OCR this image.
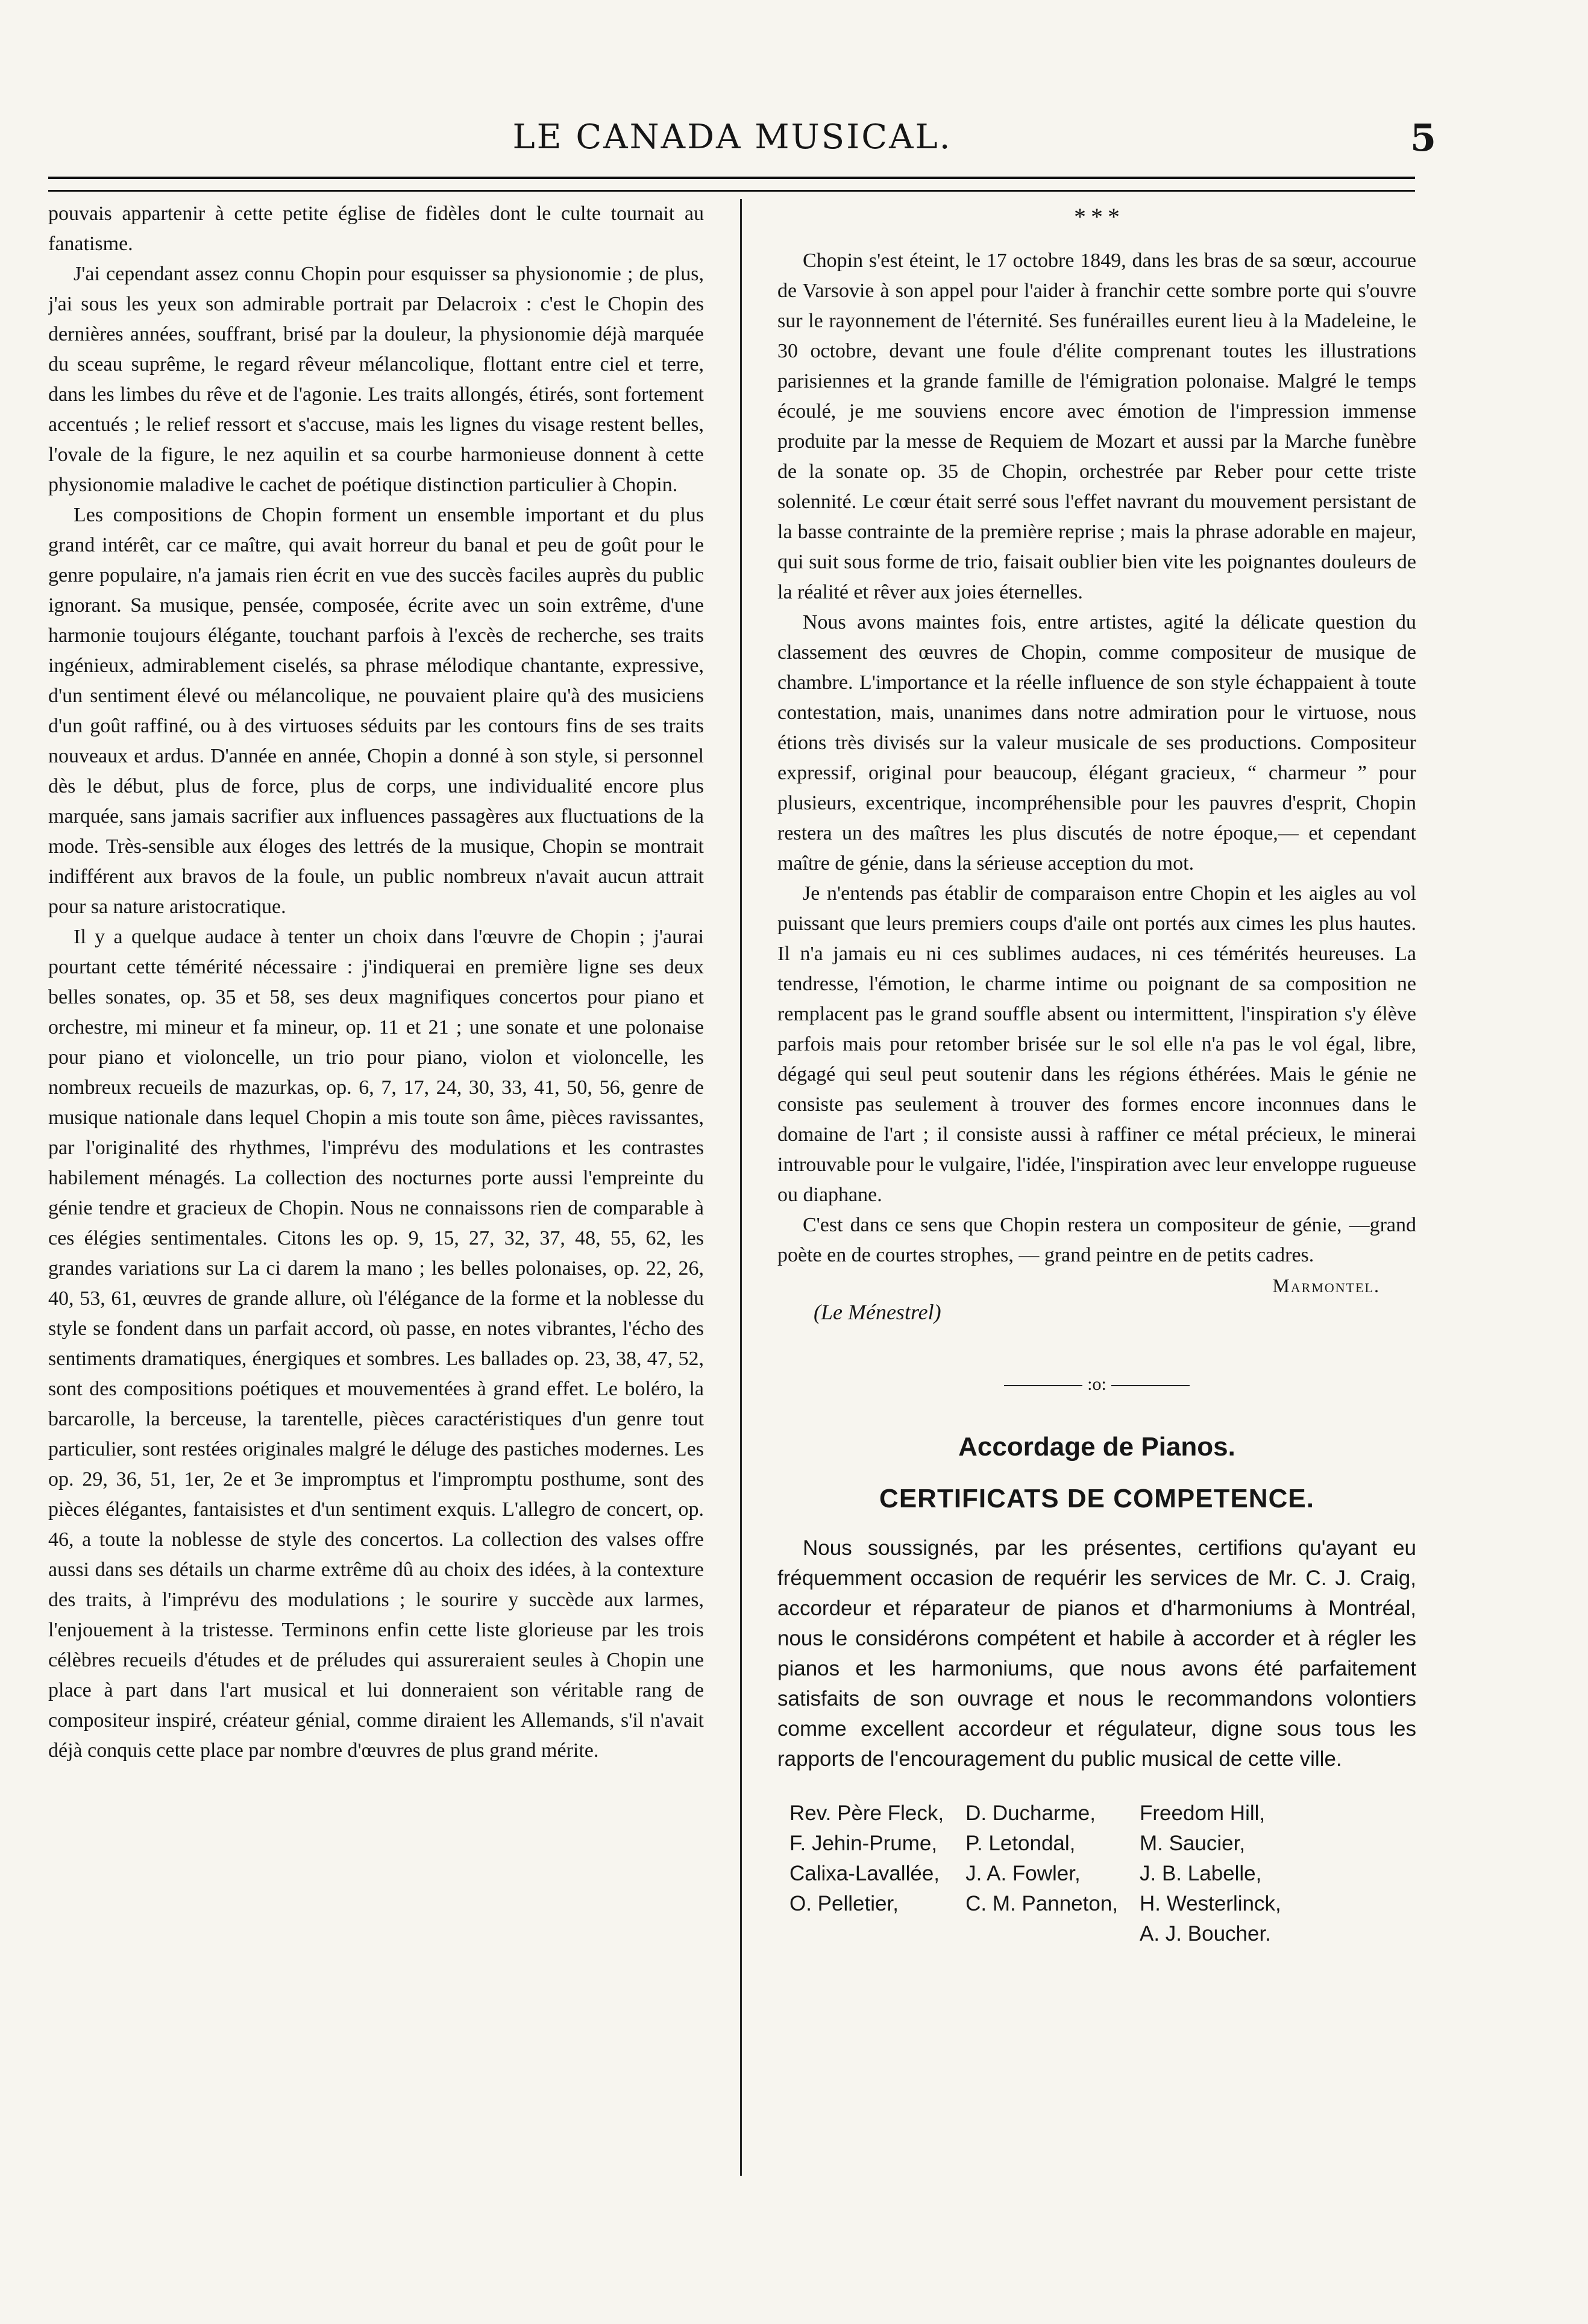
LE CANADA MUSICAL.	5

pouvais appartenir à cette petite église de fidèles dont le culte tournait au fanatisme.

J'ai cependant assez connu Chopin pour esquisser sa physionomie ; de plus, j'ai sous les yeux son admirable portrait par Delacroix : c'est le Chopin des dernières années, souffrant, brisé par la douleur, la physionomie déjà marquée du sceau suprême, le regard rêveur mélancolique, flottant entre ciel et terre, dans les limbes du rêve et de l'agonie. Les traits allongés, étirés, sont fortement accentués ; le relief ressort et s'accuse, mais les lignes du visage restent belles, l'ovale de la figure, le nez aquilin et sa courbe harmonieuse donnent à cette physionomie maladive le cachet de poétique distinction particulier à Chopin.

Les compositions de Chopin forment un ensemble important et du plus grand intérêt, car ce maître, qui avait horreur du banal et peu de goût pour le genre populaire, n'a jamais rien écrit en vue des succès faciles auprès du public ignorant. Sa musique, pensée, composée, écrite avec un soin extrême, d'une harmonie toujours élégante, touchant parfois à l'excès de recherche, ses traits ingénieux, admirablement ciselés, sa phrase mélodique chantante, expressive, d'un sentiment élevé ou mélancolique, ne pouvaient plaire qu'à des musiciens d'un goût raffiné, ou à des virtuoses séduits par les contours fins de ses traits nouveaux et ardus. D'année en année, Chopin a donné à son style, si personnel dès le début, plus de force, plus de corps, une individualité encore plus marquée, sans jamais sacrifier aux influences passagères aux fluctuations de la mode. Très-sensible aux éloges des lettrés de la musique, Chopin se montrait indifférent aux bravos de la foule, un public nombreux n'avait aucun attrait pour sa nature aristocratique.

Il y a quelque audace à tenter un choix dans l'œuvre de Chopin ; j'aurai pourtant cette témérité nécessaire : j'indiquerai en première ligne ses deux belles sonates, op. 35 et 58, ses deux magnifiques concertos pour piano et orchestre, mi mineur et fa mineur, op. 11 et 21 ; une sonate et une polonaise pour piano et violoncelle, un trio pour piano, violon et violoncelle, les nombreux recueils de mazurkas, op. 6, 7, 17, 24, 30, 33, 41, 50, 56, genre de musique nationale dans lequel Chopin a mis toute son âme, pièces ravissantes, par l'originalité des rhythmes, l'imprévu des modulations et les contrastes habilement ménagés. La collection des nocturnes porte aussi l'empreinte du génie tendre et gracieux de Chopin. Nous ne connaissons rien de comparable à ces élégies sentimentales. Citons les op. 9, 15, 27, 32, 37, 48, 55, 62, les grandes variations sur La ci darem la mano ; les belles polonaises, op. 22, 26, 40, 53, 61, œuvres de grande allure, où l'élégance de la forme et la noblesse du style se fondent dans un parfait accord, où passe, en notes vibrantes, l'écho des sentiments dramatiques, énergiques et sombres. Les ballades op. 23, 38, 47, 52, sont des compositions poétiques et mouvementées à grand effet. Le boléro, la barcarolle, la berceuse, la tarentelle, pièces caractéristiques d'un genre tout particulier, sont restées originales malgré le déluge des pastiches modernes. Les op. 29, 36, 51, 1er, 2e et 3e impromptus et l'impromptu posthume, sont des pièces élégantes, fantaisistes et d'un sentiment exquis. L'allegro de concert, op. 46, a toute la noblesse de style des concertos. La collection des valses offre aussi dans ses détails un charme extrême dû au choix des idées, à la contexture des traits, à l'imprévu des modulations ; le sourire y succède aux larmes, l'enjouement à la tristesse. Terminons enfin cette liste glorieuse par les trois célèbres recueils d'études et de préludes qui assureraient seules à Chopin une place à part dans l'art musical et lui donneraient son véritable rang de compositeur inspiré, créateur génial, comme diraient les Allemands, s'il n'avait déjà conquis cette place par nombre d'œuvres de plus grand mérite.

* * *

Chopin s'est éteint, le 17 octobre 1849, dans les bras de sa sœur, accourue de Varsovie à son appel pour l'aider à franchir cette sombre porte qui s'ouvre sur le rayonnement de l'éternité. Ses funérailles eurent lieu à la Madeleine, le 30 octobre, devant une foule d'élite comprenant toutes les illustrations parisiennes et la grande famille de l'émigration polonaise. Malgré le temps écoulé, je me souviens encore avec émotion de l'impression immense produite par la messe de Requiem de Mozart et aussi par la Marche funèbre de la sonate op. 35 de Chopin, orchestrée par Reber pour cette triste solennité. Le cœur était serré sous l'effet navrant du mouvement persistant de la basse contrainte de la première reprise ; mais la phrase adorable en majeur, qui suit sous forme de trio, faisait oublier bien vite les poignantes douleurs de la réalité et rêver aux joies éternelles.

Nous avons maintes fois, entre artistes, agité la délicate question du classement des œuvres de Chopin, comme compositeur de musique de chambre. L'importance et la réelle influence de son style échappaient à toute contestation, mais, unanimes dans notre admiration pour le virtuose, nous étions très divisés sur la valeur musicale de ses productions. Compositeur expressif, original pour beaucoup, élégant gracieux, “ charmeur ” pour plusieurs, excentrique, incompréhensible pour les pauvres d'esprit, Chopin restera un des maîtres les plus discutés de notre époque,— et cependant maître de génie, dans la sérieuse acception du mot.

Je n'entends pas établir de comparaison entre Chopin et les aigles au vol puissant que leurs premiers coups d'aile ont portés aux cimes les plus hautes. Il n'a jamais eu ni ces sublimes audaces, ni ces témérités heureuses. La tendresse, l'émotion, le charme intime ou poignant de sa composition ne remplacent pas le grand souffle absent ou intermittent, l'inspiration s'y élève parfois mais pour retomber brisée sur le sol elle n'a pas le vol égal, libre, dégagé qui seul peut soutenir dans les régions éthérées. Mais le génie ne consiste pas seulement à trouver des formes encore inconnues dans le domaine de l'art ; il consiste aussi à raffiner ce métal précieux, le minerai introuvable pour le vulgaire, l'idée, l'inspiration avec leur enveloppe rugueuse ou diaphane.

C'est dans ce sens que Chopin restera un compositeur de génie, —grand poète en de courtes strophes, — grand peintre en de petits cadres.

Marmontel.
(Le Ménestrel)
:o:
Accordage de Pianos.
CERTIFICATS DE COMPETENCE.

Nous soussignés, par les présentes, certifions qu'ayant eu fréquemment occasion de requérir les services de Mr. C. J. Craig, accordeur et réparateur de pianos et d'harmoniums à Montréal, nous le considérons compétent et habile à accorder et à régler les pianos et les harmoniums, que nous avons été parfaitement satisfaits de son ouvrage et nous le recommandons volontiers comme excellent accordeur et régulateur, digne sous tous les rapports de l'encouragement du public musical de cette ville.

Rev. Père Fleck,
F. Jehin-Prume,
Calixa-Lavallée,
O. Pelletier,
D. Ducharme,
P. Letondal,
J. A. Fowler,
C. M. Panneton,
Freedom Hill,
M. Saucier,
J. B. Labelle,
H. Westerlinck,
A. J. Boucher.
